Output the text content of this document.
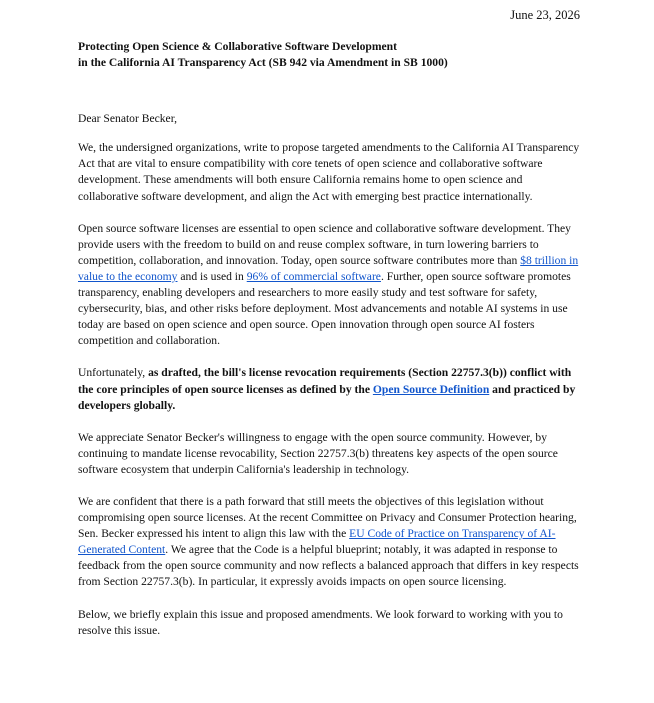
June 23, 2026

Protecting Open Science & Collaborative Software Development
in the California AI Transparency Act (SB 942 via Amendment in SB 1000)

Dear Senator Becker,

We, the undersigned organizations, write to propose targeted amendments to the California AI Transparency Act that are vital to ensure compatibility with core tenets of open science and collaborative software development. These amendments will both ensure California remains home to open science and collaborative software development, and align the Act with emerging best practice internationally.

Open source software licenses are essential to open science and collaborative software development. They provide users with the freedom to build on and reuse complex software, in turn lowering barriers to competition, collaboration, and innovation. Today, open source software contributes more than $8 trillion in value to the economy and is used in 96% of commercial software. Further, open source software promotes transparency, enabling developers and researchers to more easily study and test software for safety, cybersecurity, bias, and other risks before deployment. Most advancements and notable AI systems in use today are based on open science and open source. Open innovation through open source AI fosters competition and collaboration.

Unfortunately, as drafted, the bill's license revocation requirements (Section 22757.3(b)) conflict with the core principles of open source licenses as defined by the Open Source Definition and practiced by developers globally.

We appreciate Senator Becker's willingness to engage with the open source community. However, by continuing to mandate license revocability, Section 22757.3(b) threatens key aspects of the open source software ecosystem that underpin California's leadership in technology.

We are confident that there is a path forward that still meets the objectives of this legislation without compromising open source licenses. At the recent Committee on Privacy and Consumer Protection hearing, Sen. Becker expressed his intent to align this law with the EU Code of Practice on Transparency of AI-Generated Content. We agree that the Code is a helpful blueprint; notably, it was adapted in response to feedback from the open source community and now reflects a balanced approach that differs in key respects from Section 22757.3(b). In particular, it expressly avoids impacts on open source licensing.

Below, we briefly explain this issue and proposed amendments. We look forward to working with you to resolve this issue.
